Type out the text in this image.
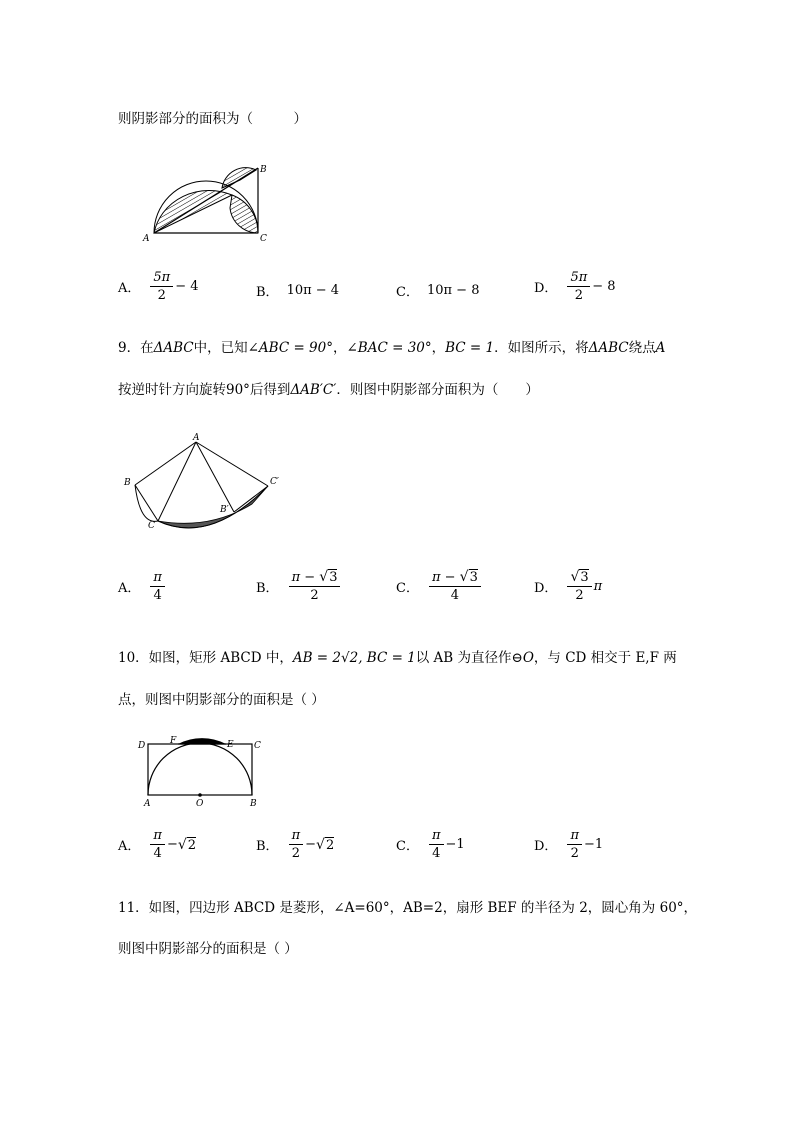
则阴影部分的面积为（　　　）
A	C
B
A． $\frac{5\pi}{2} - 4$	B． 10π − 4	C． 10π − 8	D． $\frac{5\pi}{2} - 8$
9．在ΔABC中，已知∠ABC = 90°，∠BAC = 30°，BC = 1．如图所示，将ΔABC绕点A
按逆时针方向旋转90°后得到ΔAB′C′．则图中阴影部分面积为（　　）
A
B
C
B′
C′
A． $\frac{\pi}{4}$	B． $\frac{\pi - √3}{2}$	C． $\frac{\pi - √3}{4}$	D． $\frac{√3}{2}$ π
10．如图，矩形 ABCD 中，AB = 2√2, BC = 1以 AB 为直径作⊖O，与 CD 相交于 E,F 两
点，则图中阴影部分的面积是（ ）
D	F	E C
A	O	B
A． $\frac{\pi}{4}$ − √ 2	B． $\frac{\pi}{2}$ − √ 2	C． $\frac{\pi}{4} -1$	D． $\frac{\pi}{2} -1$
11．如图，四边形 ABCD 是菱形，∠A=60°，AB=2，扇形 BEF 的半径为 2，圆心角为 60°，
则图中阴影部分的面积是（ ）
